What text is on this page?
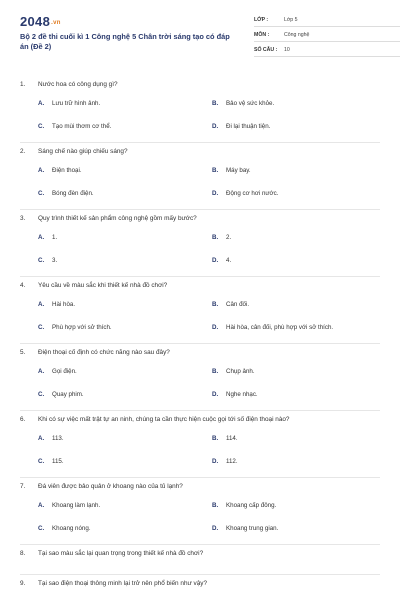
2048.vn
Bộ 2 đề thi cuối kì 1 Công nghệ 5 Chân trời sáng tạo có đáp án (Đề 2)
LỚP :	Lớp 5
MÔN :	Công nghệ
SỐ CÂU : 10
1.	Nước hoa có công dụng gì?
A. Lưu trữ hình ảnh.	B. Bảo vệ sức khỏe.
C. Tạo mùi thơm cơ thể.	D. Đi lại thuận tiện.
2.	Sáng chế nào giúp chiếu sáng?
A. Điện thoại.	B. Máy bay.
C. Bóng đèn điện.	D. Động cơ hơi nước.
3.	Quy trình thiết kế sản phẩm công nghệ gồm mấy bước?
A. 1.	B. 2.
C. 3.	D. 4.
4.	Yêu cầu về màu sắc khi thiết kế nhà đồ chơi?
A. Hài hòa.	B. Cân đối.
C. Phù hợp với sở thích.	D. Hài hòa, cân đối, phù hợp với sở thích.
5.	Điện thoại cố định có chức năng nào sau đây?
A. Gọi điện.	B. Chụp ảnh.
C. Quay phim.	D. Nghe nhạc.
6.	Khi có sự việc mất trật tự an ninh, chúng ta cần thực hiện cuộc gọi tới số điện thoại nào?
A. 113.	B. 114.
C. 115.	D. 112.
7.	Đá viên được bảo quản ở khoang nào của tủ lạnh?
A. Khoang làm lạnh.	B. Khoang cấp đông.
C. Khoang nóng.	D. Khoang trung gian.
8.	Tại sao màu sắc lại quan trọng trong thiết kế nhà đồ chơi?
9.	Tại sao điện thoại thông minh lại trở nên phổ biến như vậy?
